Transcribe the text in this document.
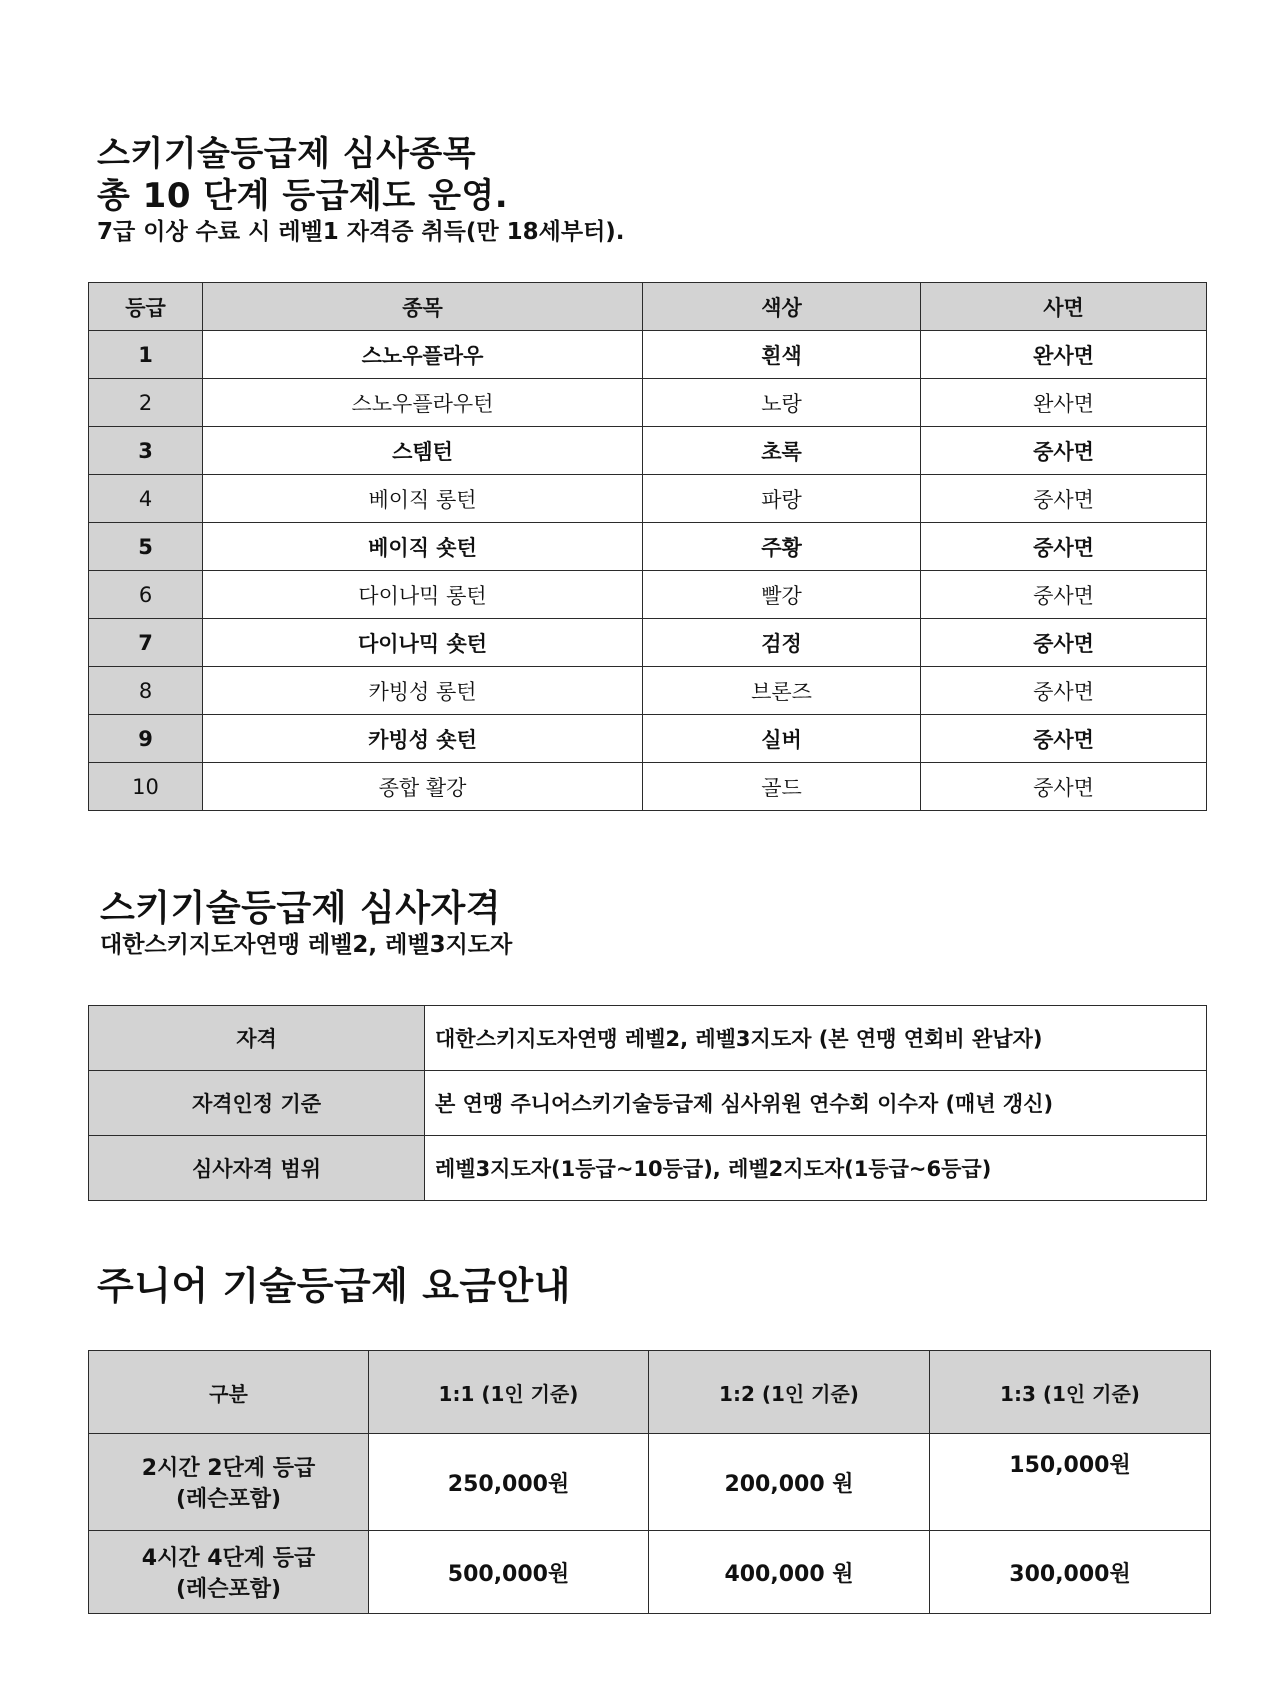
스키기술등급제 심사종목
총 10 단계 등급제도 운영.
7급 이상 수료 시 레벨1 자격증 취득(만 18세부터).
등급	종목	색상	사면
1	스노우플라우	흰색	완사면
2	스노우플라우턴	노랑	완사면
3	스템턴	초록	중사면
4	베이직 롱턴	파랑	중사면
5	베이직 숏턴	주황	중사면
6	다이나믹 롱턴	빨강	중사면
7	다이나믹 숏턴	검정	중사면
8	카빙성 롱턴	브론즈	중사면
9	카빙성 숏턴	실버	중사면
10	종합 활강	골드	중사면
스키기술등급제 심사자격
대한스키지도자연맹 레벨2, 레벨3지도자
자격	대한스키지도자연맹 레벨2, 레벨3지도자 (본 연맹 연회비 완납자)
자격인정 기준	본 연맹 주니어스키기술등급제 심사위원 연수회 이수자 (매년 갱신)
심사자격 범위	레벨3지도자(1등급~10등급), 레벨2지도자(1등급~6등급)
주니어 기술등급제 요금안내
구분	1:1 (1인 기준)	1:2 (1인 기준)	1:3 (1인 기준)

2시간 2단계 등급
(레슨포함)	250,000원	200,000 원	150,000원

4시간 4단계 등급
(레슨포함)	500,000원	400,000 원	300,000원
